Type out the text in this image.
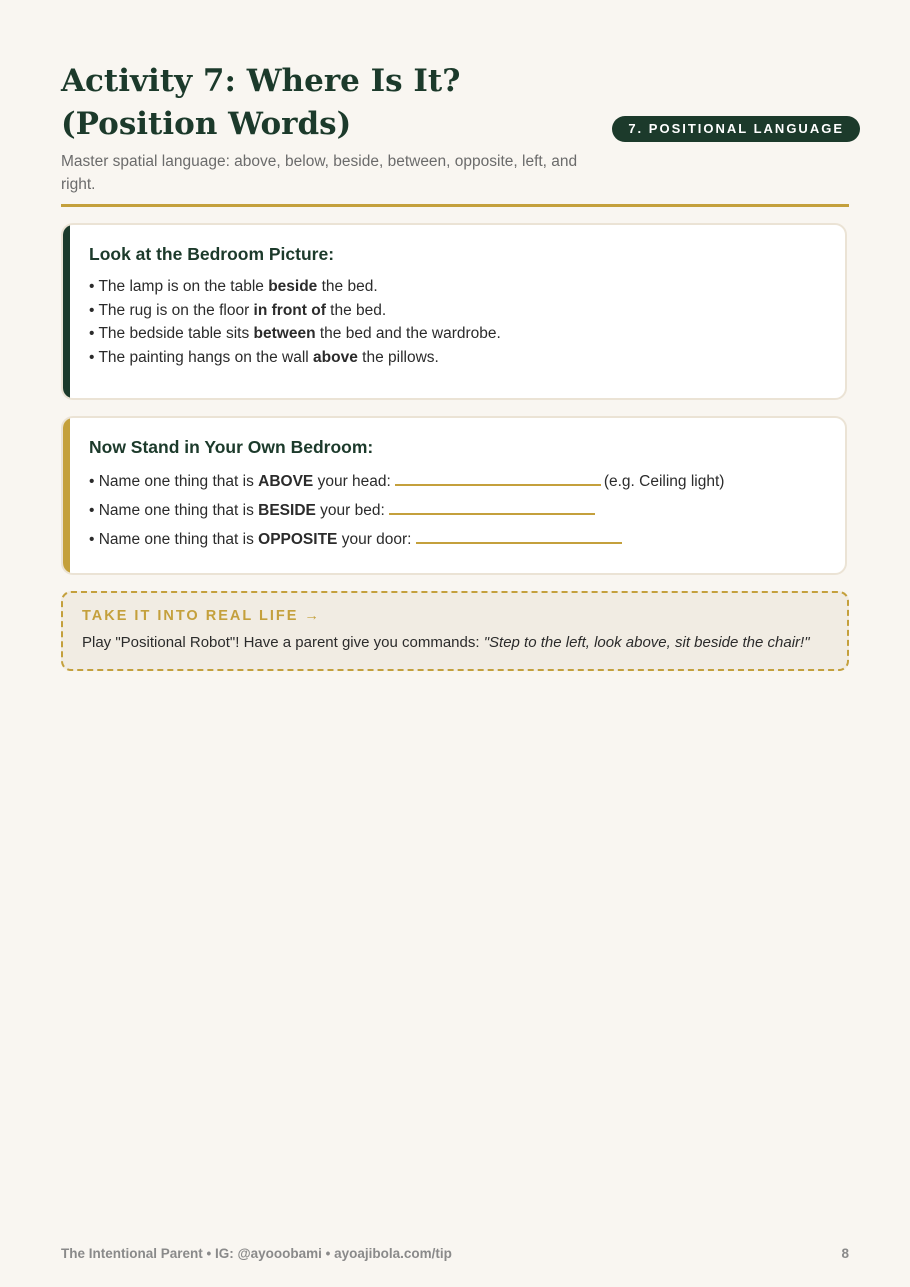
Activity 7: Where Is It? (Position Words)

Master spatial language: above, below, beside, between, opposite, left, and right.

7. POSITIONAL LANGUAGE
Look at the Bedroom Picture:
• The lamp is on the table beside the bed.
• The rug is on the floor in front of the bed.
• The bedside table sits between the bed and the wardrobe.
• The painting hangs on the wall above the pillows.
Now Stand in Your Own Bedroom:
• Name one thing that is ABOVE your head:	(e.g. Ceiling light)
• Name one thing that is BESIDE your bed:
• Name one thing that is OPPOSITE your door:
TAKE IT INTO REAL LIFE →
Play "Positional Robot"! Have a parent give you commands: "Step to the left, look above, sit beside the chair!"
The Intentional Parent • IG: @ayooobami • ayoajibola.com/tip	8
